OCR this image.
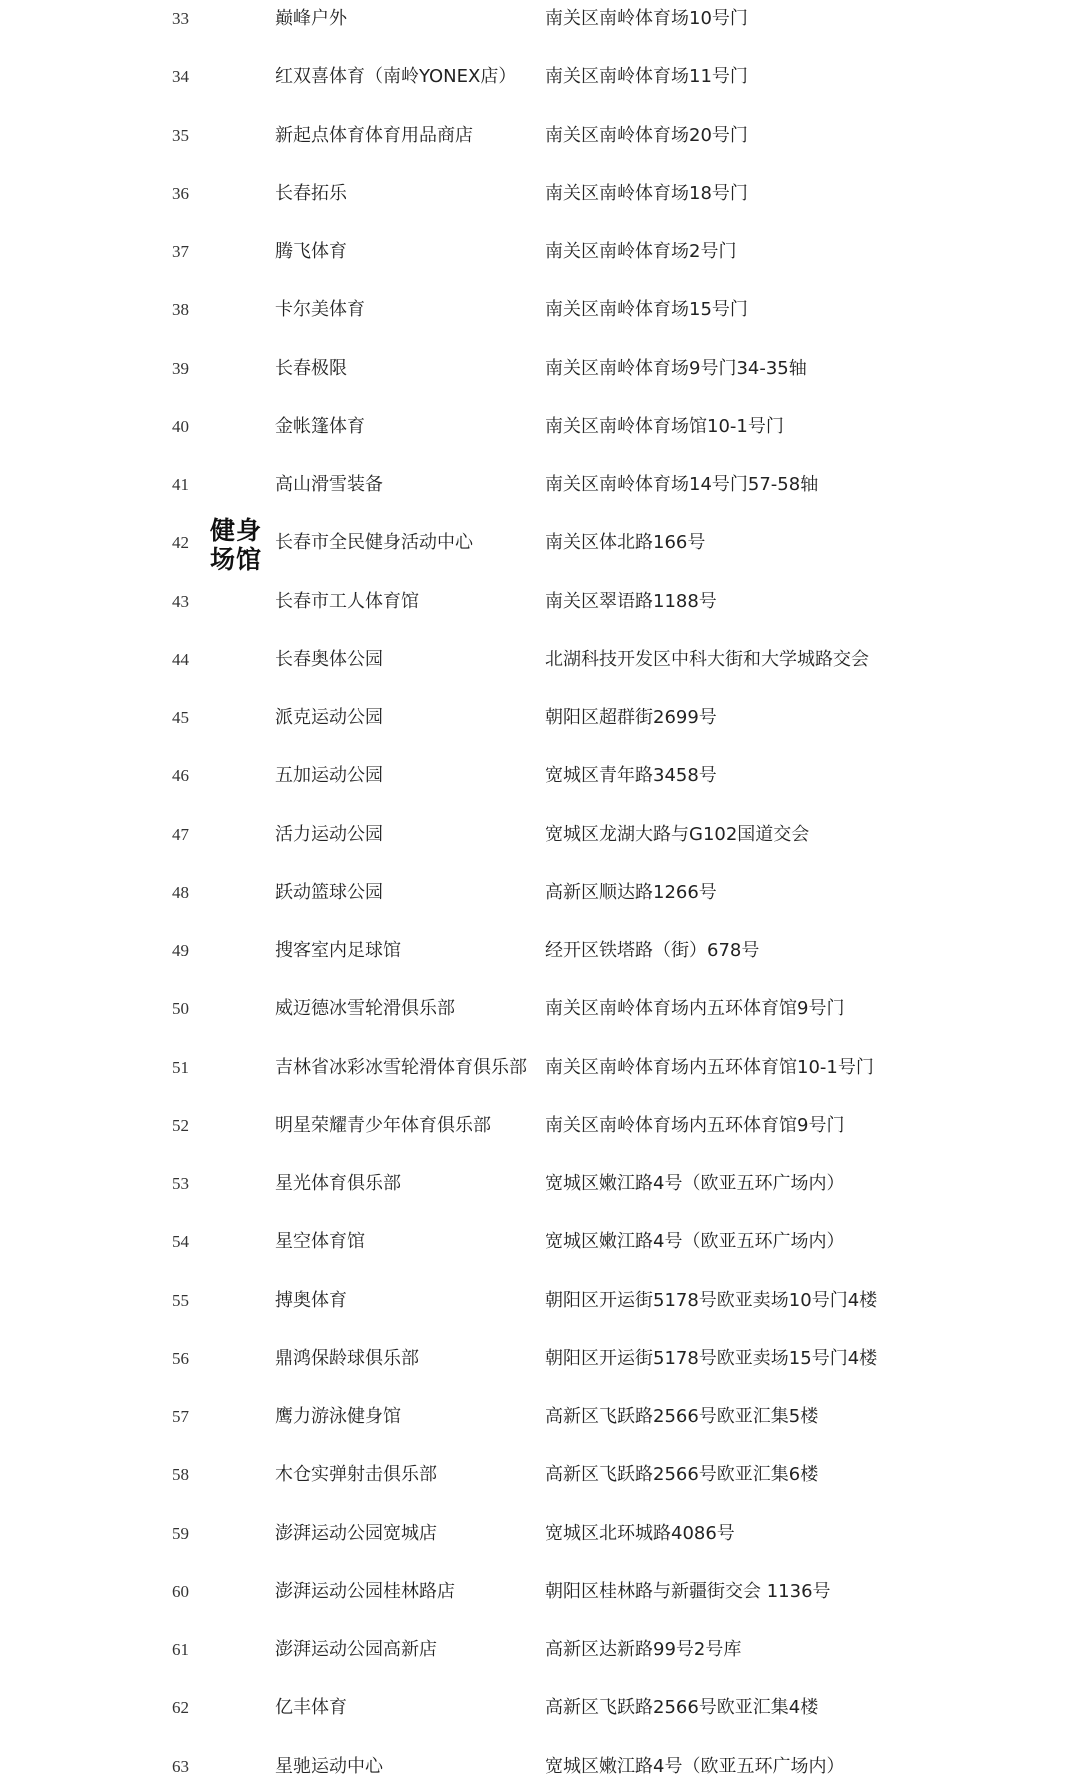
健身场馆
33	巅峰户外	南关区南岭体育场10号门
34	红双喜体育（南岭YONEX店） 南关区南岭体育场11号门
35	新起点体育体育用品商店	南关区南岭体育场20号门
36	长春拓乐	南关区南岭体育场18号门
37	腾飞体育	南关区南岭体育场2号门
38	卡尔美体育	南关区南岭体育场15号门
39	长春极限	南关区南岭体育场9号门34-35轴
40	金帐篷体育	南关区南岭体育场馆10-1号门
41	高山滑雪装备	南关区南岭体育场14号门57-58轴
42	长春市全民健身活动中心	南关区体北路166号
43	长春市工人体育馆	南关区翠语路1188号
44	长春奥体公园	北湖科技开发区中科大街和大学城路交会
45	派克运动公园	朝阳区超群街2699号
46	五加运动公园	宽城区青年路3458号
47	活力运动公园	宽城区龙湖大路与G102国道交会
48	跃动篮球公园	高新区顺达路1266号
49	搜客室内足球馆	经开区铁塔路（街）678号
50	威迈德冰雪轮滑俱乐部	南关区南岭体育场内五环体育馆9号门
51	吉林省冰彩冰雪轮滑体育俱乐部 南关区南岭体育场内五环体育馆10-1号门
52	明星荣耀青少年体育俱乐部	南关区南岭体育场内五环体育馆9号门
53	星光体育俱乐部	宽城区嫩江路4号（欧亚五环广场内）
54	星空体育馆	宽城区嫩江路4号（欧亚五环广场内）
55	搏奥体育	朝阳区开运街5178号欧亚卖场10号门4楼
56	鼎鸿保龄球俱乐部	朝阳区开运街5178号欧亚卖场15号门4楼
57	鹰力游泳健身馆	高新区飞跃路2566号欧亚汇集5楼
58	木仓实弹射击俱乐部	高新区飞跃路2566号欧亚汇集6楼
59	澎湃运动公园宽城店	宽城区北环城路4086号
60	澎湃运动公园桂林路店	朝阳区桂林路与新疆街交会 1136号
61	澎湃运动公园高新店	高新区达新路99号2号库
62	亿丰体育	高新区飞跃路2566号欧亚汇集4楼
63	星驰运动中心	宽城区嫩江路4号（欧亚五环广场内）
